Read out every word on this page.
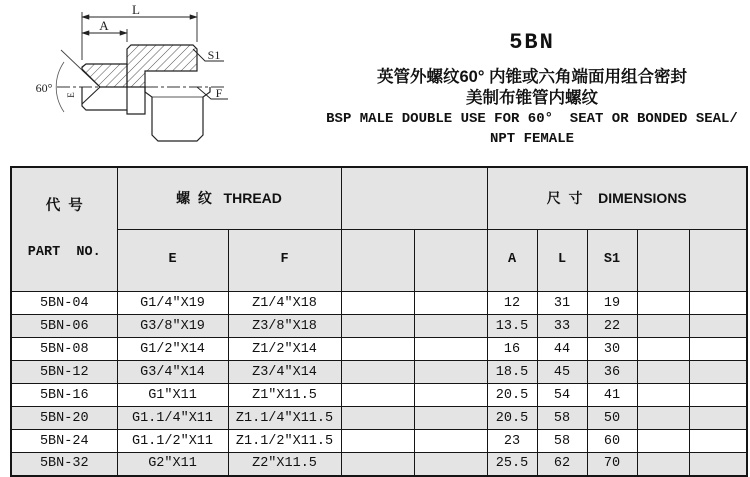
L
A
S1
F
60° E
5BN
英管外螺纹60° 内锥或六角端面用组合密封
美制布锥管内螺纹
BSP MALE DOUBLE USE FOR 60°  SEAT OR BONDED SEAL/
NPT FEMALE

代  号

PART  NO.	螺  纹   THREAD				尺  寸    DIMENSIONS				
	E	F			A	L	S1		
5BN-04	G1/4″X19	Z1/4″X18			12	31	19		
5BN-06	G3/8″X19	Z3/8″X18			13.5	33	22		
5BN-08	G1/2″X14	Z1/2″X14			16	44	30		
5BN-12	G3/4″X14	Z3/4″X14			18.5	45	36		
5BN-16	G1″X11	Z1″X11.5			20.5	54	41		
5BN-20	G1.1/4″X11	Z1.1/4″X11.5			20.5	58	50		
5BN-24	G1.1/2″X11	Z1.1/2″X11.5			23	58	60		
5BN-32	G2″X11	Z2″X11.5			25.5	62	70		
